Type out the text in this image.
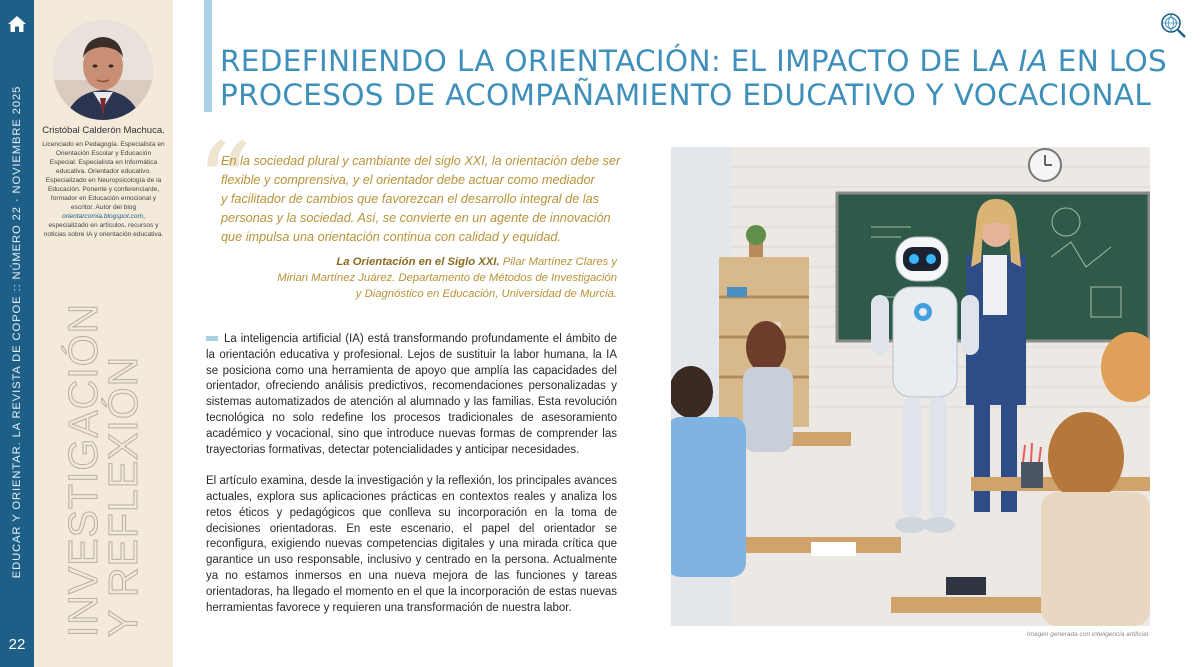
EDUCAR Y ORIENTAR. LA REVISTA DE COPOE :: NÚMERO 22 · NOVIEMBRE 2025
22
Cristóbal Calderón Machuca.
Licenciado en Pedagogía. Especialista en Orientación Escolar y Educación Especial. Especialista en Informática educativa. Orientador educativo. Especializado en Neuropsicología de la Educación. Ponente y conferenciante, formador en Educación emocional y escritor. Autor del blog orientarcomia.blogspot.com, especializado en artículos, recursos y noticias sobre IA y orientación educativa.
INVESTIGACIÓN
Y REFLEXIÓN
REDEFINIENDO LA ORIENTACIÓN: EL IMPACTO DE LA IA EN LOS
PROCESOS DE ACOMPAÑAMIENTO EDUCATIVO Y VOCACIONAL
“
En la sociedad plural y cambiante del siglo XXI, la orientación debe ser
flexible y comprensiva, y el orientador debe actuar como mediador
y facilitador de cambios que favorezcan el desarrollo integral de las
personas y la sociedad. Así, se convierte en un agente de innovación
que impulsa una orientación continua con calidad y equidad.
La Orientación en el Siglo XXI. Pilar Martínez Clares y
Mirian Martínez Juárez. Departamento de Métodos de Investigación
y Diagnóstico en Educación, Universidad de Murcia.

La inteligencia artificial (IA) está transformando profundamente el ámbito de la orientación educativa y profesional. Lejos de sustituir la labor humana, la IA se posiciona como una herramienta de apoyo que amplía las capacidades del orientador, ofreciendo análisis predictivos, recomendaciones personalizadas y sistemas automatizados de atención al alumnado y las familias. Esta revolución tecnológica no solo redefine los procesos tradicionales de asesoramiento académico y vocacional, sino que introduce nuevas formas de comprender las trayectorias formativas, detectar potencialidades y anticipar necesidades.

El artículo examina, desde la investigación y la reflexión, los principales avances actuales, explora sus aplicaciones prácticas en contextos reales y analiza los retos éticos y pedagógicos que conlleva su incorporación en la toma de decisiones orientadoras. En este escenario, el papel del orientador se reconfigura, exigiendo nuevas competencias digitales y una mirada crítica que garantice un uso responsable, inclusivo y centrado en la persona. Actualmente ya no estamos inmersos en una nueva mejora de las funciones y tareas orientadoras, ha llegado el momento en el que la incorporación de estas nuevas herramientas favorece y requieren una transformación de nuestra labor.

Imagen generada con inteligencia artificial.
